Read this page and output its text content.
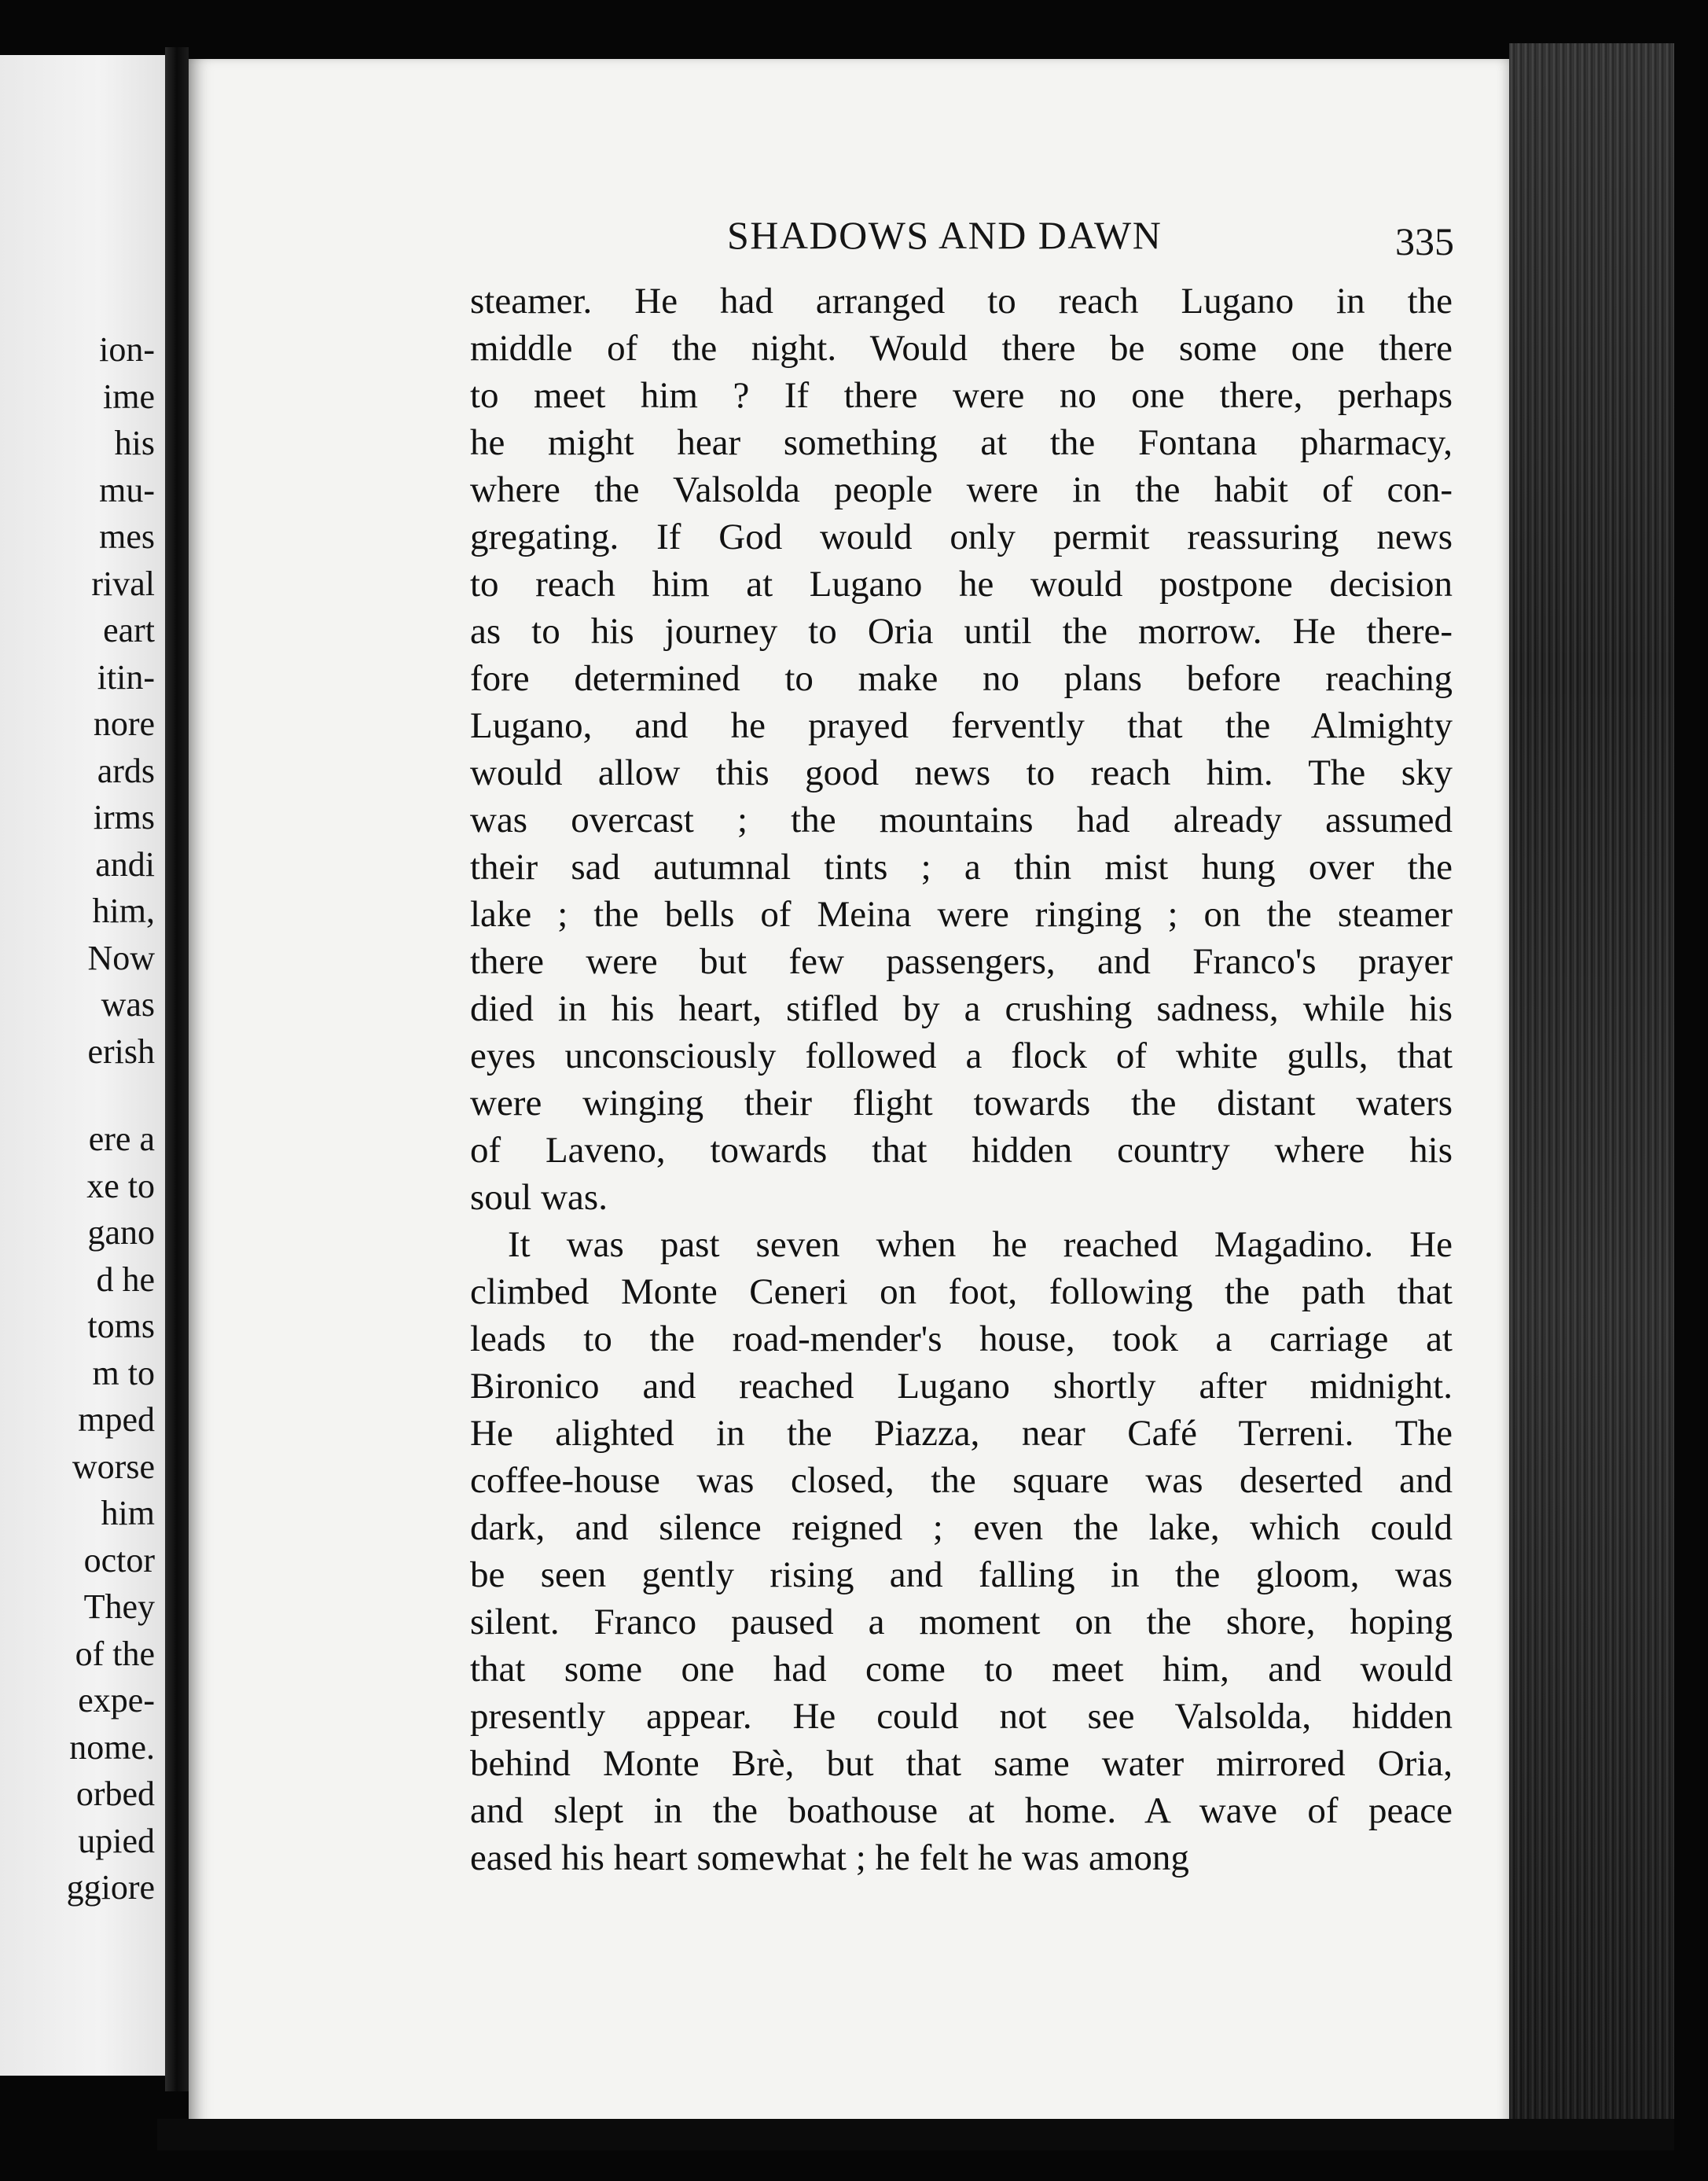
ion-
ime
his
mu-
mes
rival
eart
itin-
nore
ards
irms
andi
him,
Now
was
erish
ere a
xe to
gano
d he
toms
m to
mped
worse
him
octor
They
of the
expe-
nome.
orbed
upied
ggiore
SHADOWS AND DAWN	335
steamer. He had arranged to reach Lugano in the
middle of the night. Would there be some one there
to meet him ? If there were no one there, perhaps
he might hear something at the Fontana pharmacy,
where the Valsolda people were in the habit of con-
gregating. If God would only permit reassuring news
to reach him at Lugano he would postpone decision
as to his journey to Oria until the morrow. He there-
fore determined to make no plans before reaching
Lugano, and he prayed fervently that the Almighty
would allow this good news to reach him. The sky
was overcast ; the mountains had already assumed
their sad autumnal tints ; a thin mist hung over the
lake ; the bells of Meina were ringing ; on the steamer
there were but few passengers, and Franco's prayer
died in his heart, stifled by a crushing sadness, while his
eyes unconsciously followed a flock of white gulls, that
were winging their flight towards the distant waters
of Laveno, towards that hidden country where his
soul was.
It was past seven when he reached Magadino. He
climbed Monte Ceneri on foot, following the path that
leads to the road-mender's house, took a carriage at
Bironico and reached Lugano shortly after midnight.
He alighted in the Piazza, near Café Terreni. The
coffee-house was closed, the square was deserted and
dark, and silence reigned ; even the lake, which could
be seen gently rising and falling in the gloom, was
silent. Franco paused a moment on the shore, hoping
that some one had come to meet him, and would
presently appear. He could not see Valsolda, hidden
behind Monte Brè, but that same water mirrored Oria,
and slept in the boathouse at home. A wave of peace
eased his heart somewhat ; he felt he was among
